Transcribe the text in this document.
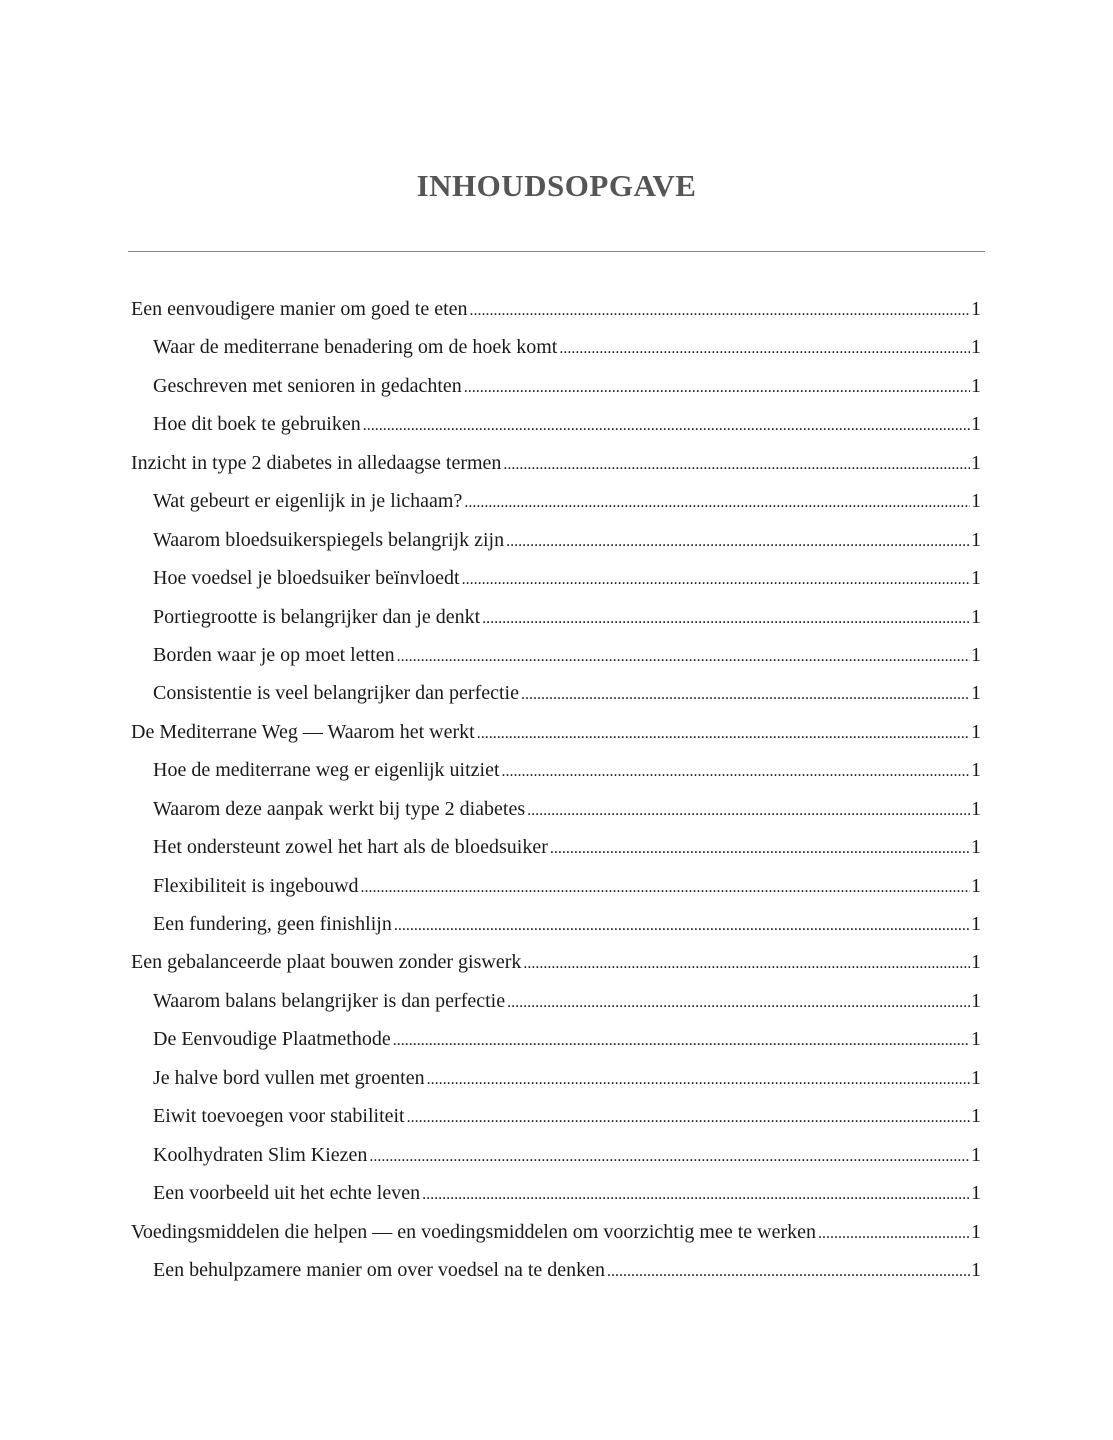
INHOUDSOPGAVE
Een eenvoudigere manier om goed te eten .....	1
Waar de mediterrane benadering om de hoek komt .....	1
Geschreven met senioren in gedachten .....	1
Hoe dit boek te gebruiken .....	1
Inzicht in type 2 diabetes in alledaagse termen .....	1
Wat gebeurt er eigenlijk in je lichaam? .....	1
Waarom bloedsuikerspiegels belangrijk zijn .....	1
Hoe voedsel je bloedsuiker beïnvloedt .....	1
Portiegrootte is belangrijker dan je denkt .....	1
Borden waar je op moet letten .....	1
Consistentie is veel belangrijker dan perfectie .....	1
De Mediterrane Weg — Waarom het werkt .....	1
Hoe de mediterrane weg er eigenlijk uitziet .....	1
Waarom deze aanpak werkt bij type 2 diabetes .....	1
Het ondersteunt zowel het hart als de bloedsuiker .....	1
Flexibiliteit is ingebouwd .....	1
Een fundering, geen finishlijn .....	1
Een gebalanceerde plaat bouwen zonder giswerk .....	1
Waarom balans belangrijker is dan perfectie .....	1
De Eenvoudige Plaatmethode .....	1
Je halve bord vullen met groenten .....	1
Eiwit toevoegen voor stabiliteit .....	1
Koolhydraten Slim Kiezen .....	1
Een voorbeeld uit het echte leven .....	1
Voedingsmiddelen die helpen — en voedingsmiddelen om voorzichtig mee te werken .....	1
Een behulpzamere manier om over voedsel na te denken .....	1
